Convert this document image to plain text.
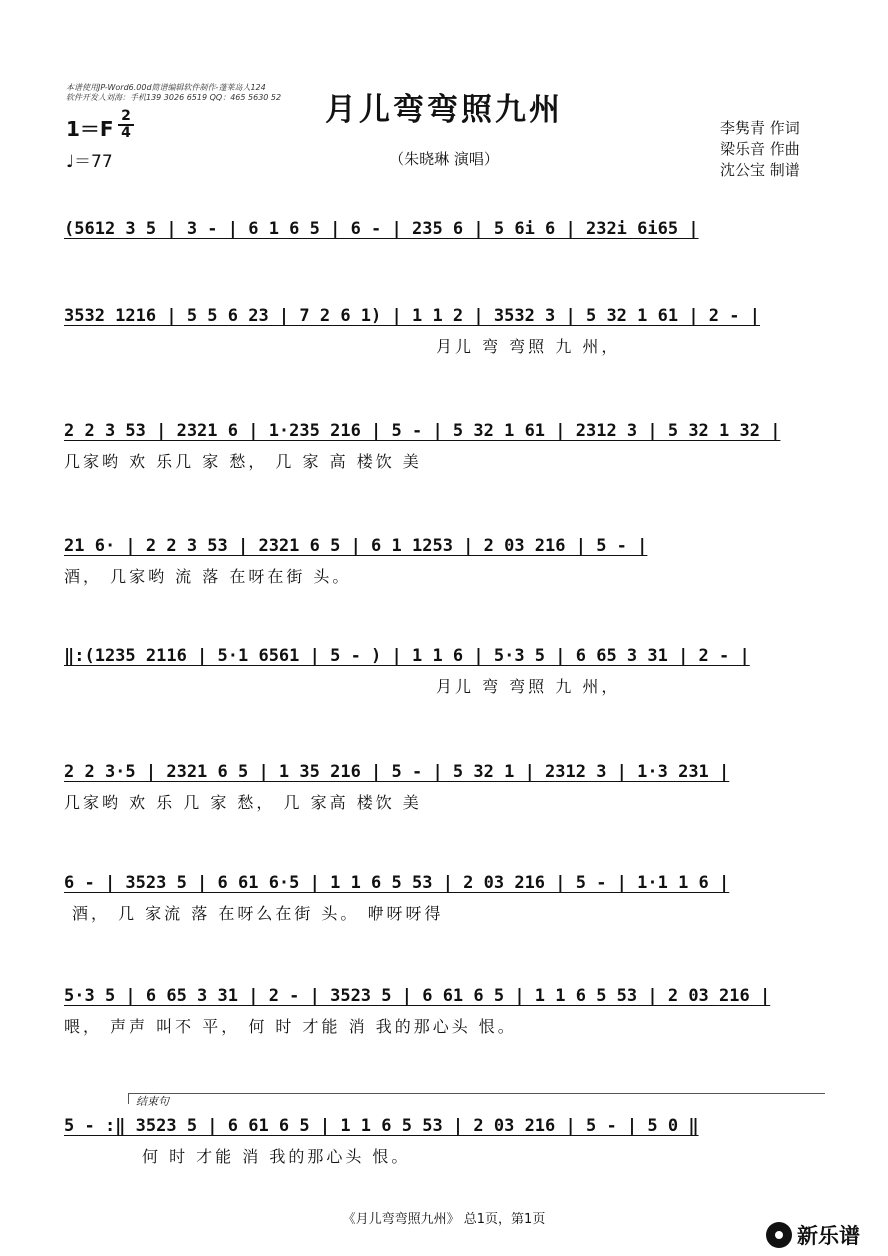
本谱使用JP-Word6.00d简谱编辑软件制作-蓬莱岛人124
软件开发人刘海：手机139 3026 6519 QQ：465 5630 52	月儿弯弯照九州
（朱晓琳 演唱）
1＝F
2
4
♩＝77
李隽青 作词
梁乐音 作曲
沈公宝 制谱
(5612 3 5 | 3 - | 6 1 6 5 | 6 - | 235 6 | 5 6i 6 | 232i 6i65 |
3532 1216 | 5 5 6 23 | 7 2 6 1) | 1 1 2 | 3532 3 | 5 32 1 61 | 2 - |
月儿 弯 弯照 九 州，
2 2 3 53 | 2321 6 | 1·235 216 | 5 - | 5 32 1 61 | 2312 3 | 5 32 1 32 |
几家哟 欢 乐几 家 愁， 几 家 高 楼饮 美
21 6· | 2 2 3 53 | 2321 6 5 | 6 1 1253 | 2 03 216 | 5 - |
酒， 几家哟 流 落 在呀在街 头。
‖:(1235 2116 | 5·1 6561 | 5 - ) | 1 1 6 | 5·3 5 | 6 65 3 31 | 2 - |
月儿 弯 弯照 九 州，
2 2 3·5 | 2321 6 5 | 1 35 216 | 5 - | 5 32 1 | 2312 3 | 1·3 231 |
几家哟 欢 乐 几 家 愁， 几 家高 楼饮 美
6 - | 3523 5 | 6 61 6·5 | 1 1 6 5 53 | 2 03 216 | 5 - | 1·1 1 6 |
酒， 几 家流 落 在呀么在街 头。 咿呀呀得
5·3 5 | 6 65 3 31 | 2 - | 3523 5 | 6 61 6 5 | 1 1 6 5 53 | 2 03 216 |
喂， 声声 叫不 平， 何 时 才能 消 我的那心头 恨。
结束句
5 - :‖ 3523 5 | 6 61 6 5 | 1 1 6 5 53 | 2 03 216 | 5 - | 5 0 ‖
何 时 才能 消 我的那心头 恨。
《月儿弯弯照九州》 总1页，第1页
新乐谱
